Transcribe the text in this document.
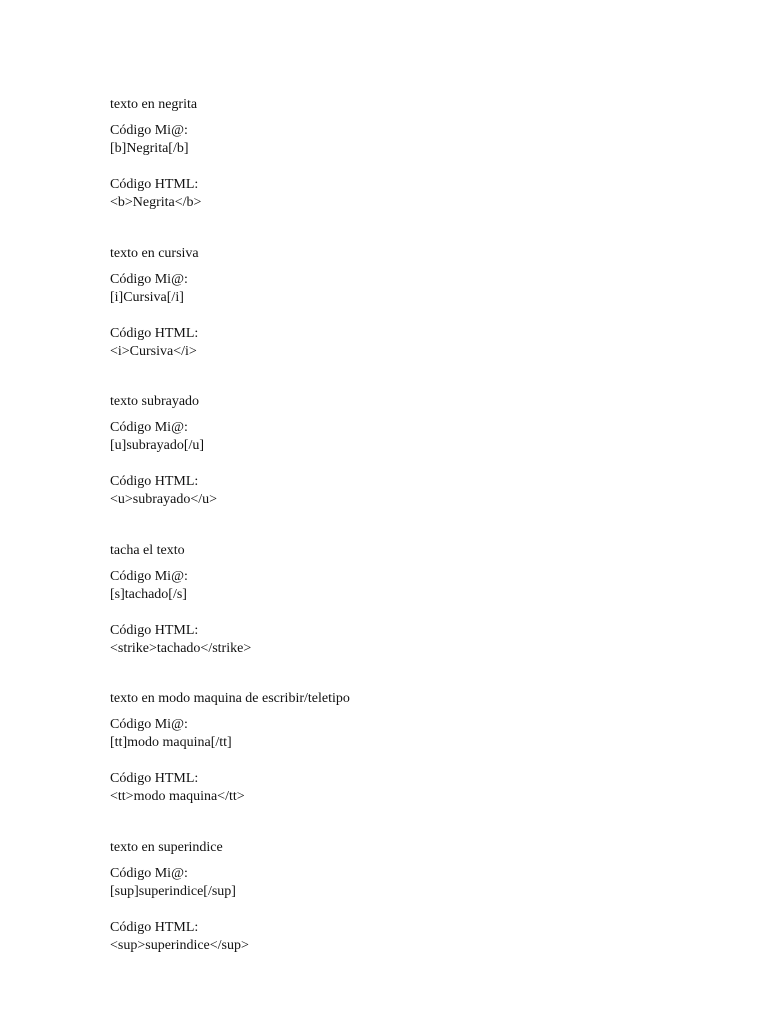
texto en negrita
Código Mi@:
[b]Negrita[/b]
Código HTML:
<b>Negrita</b>
texto en cursiva
Código Mi@:
[i]Cursiva[/i]
Código HTML:
<i>Cursiva</i>
texto subrayado
Código Mi@:
[u]subrayado[/u]
Código HTML:
<u>subrayado</u>
tacha el texto
Código Mi@:
[s]tachado[/s]
Código HTML:
<strike>tachado</strike>
texto en modo maquina de escribir/teletipo
Código Mi@:
[tt]modo maquina[/tt]
Código HTML:
<tt>modo maquina</tt>
texto en superindice
Código Mi@:
[sup]superindice[/sup]
Código HTML:
<sup>superindice</sup>
